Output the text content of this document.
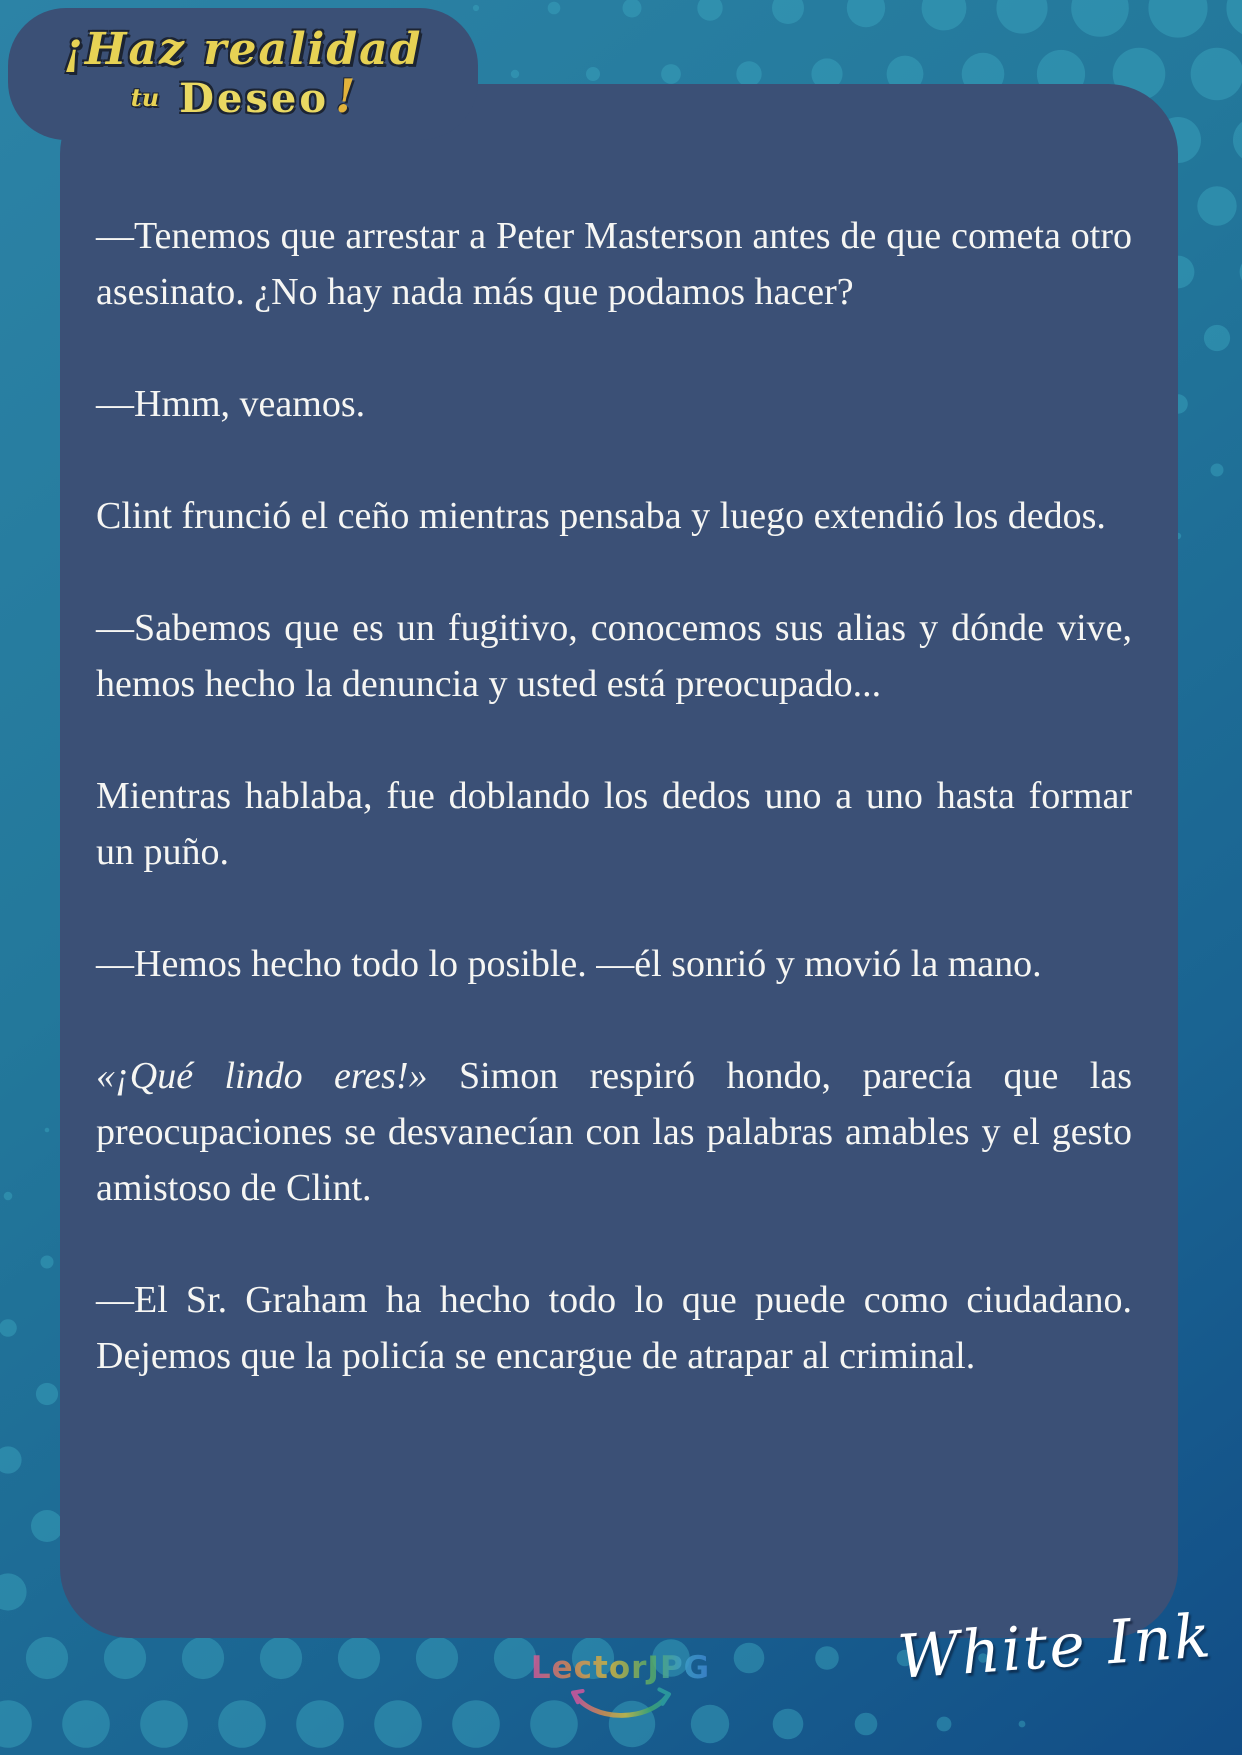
—Tenemos que arrestar a Peter Masterson antes de que cometa otro asesinato. ¿No hay nada más que podamos hacer?

—Hmm, veamos.

Clint frunció el ceño mientras pensaba y luego extendió los dedos.

—Sabemos que es un fugitivo, conocemos sus alias y dónde vive, hemos hecho la denuncia y usted está preocupado...

Mientras hablaba, fue doblando los dedos uno a uno hasta formar un puño.

—Hemos hecho todo lo posible. —él sonrió y movió la mano.

«¡Qué lindo eres!» Simon respiró hondo, parecía que las preocupaciones se desvanecían con las palabras amables y el gesto amistoso de Clint.

—El Sr. Graham ha hecho todo lo que puede como ciudadano. Dejemos que la policía se encargue de atrapar al criminal.

¡Haz realidad
tu Deseo !
LectorJPG	White Ink
